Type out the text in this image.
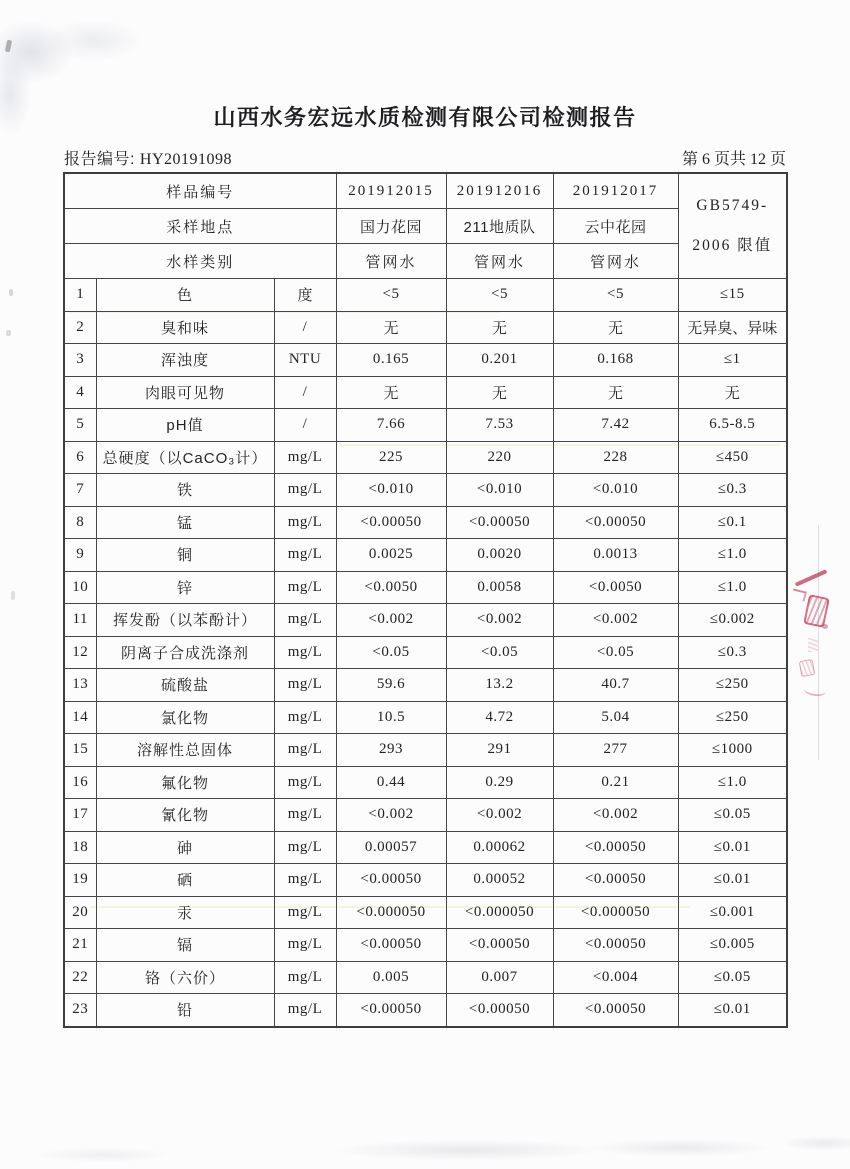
山西水务宏远水质检测有限公司检测报告
报告编号: HY20191098	第 6 页共 12 页
样品编号			201912015	201912016	201912017	GB5749-
2006 限值
采样地点			国力花园	211地质队	云中花园	
水样类别			管网水	管网水	管网水	
1	色	度	<5	<5	<5	≤15
2	臭和味	/	无	无	无	无异臭、异味
3	浑浊度	NTU	0.165	0.201	0.168	≤1
4	肉眼可见物	/	无	无	无	无
5	pH值	/	7.66	7.53	7.42	6.5-8.5
6	总硬度（以CaCO₃计）	mg/L	225	220	228	≤450
7	铁	mg/L	<0.010	<0.010	<0.010	≤0.3
8	锰	mg/L	<0.00050	<0.00050	<0.00050	≤0.1
9	铜	mg/L	0.0025	0.0020	0.0013	≤1.0
10	锌	mg/L	<0.0050	0.0058	<0.0050	≤1.0
11	挥发酚（以苯酚计）	mg/L	<0.002	<0.002	<0.002	≤0.002
12	阴离子合成洗涤剂	mg/L	<0.05	<0.05	<0.05	≤0.3
13	硫酸盐	mg/L	59.6	13.2	40.7	≤250
14	氯化物	mg/L	10.5	4.72	5.04	≤250
15	溶解性总固体	mg/L	293	291	277	≤1000
16	氟化物	mg/L	0.44	0.29	0.21	≤1.0
17	氰化物	mg/L	<0.002	<0.002	<0.002	≤0.05
18	砷	mg/L	0.00057	0.00062	<0.00050	≤0.01
19	硒	mg/L	<0.00050	0.00052	<0.00050	≤0.01
20	汞	mg/L	<0.000050	<0.000050	<0.000050	≤0.001
21	镉	mg/L	<0.00050	<0.00050	<0.00050	≤0.005
22	铬（六价）	mg/L	0.005	0.007	<0.004	≤0.05
23	铅	mg/L	<0.00050	<0.00050	<0.00050	≤0.01
